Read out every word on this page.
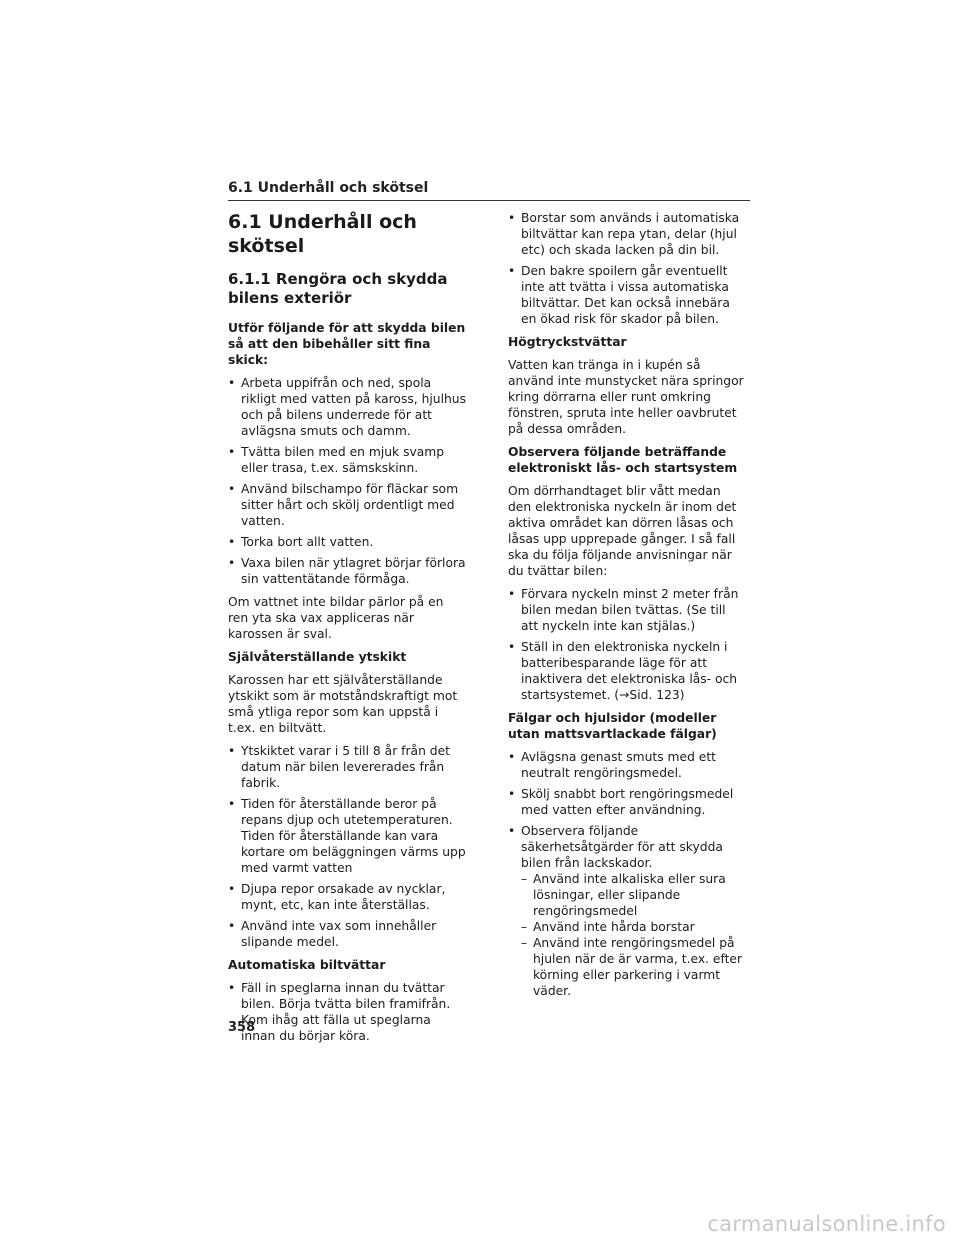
6.1 Underhåll och skötsel
6.1 Underhåll och skötsel
6.1.1 Rengöra och skydda bilens exteriör

Utför följande för att skydda bilen så att den bibehåller sitt fina skick:

• Arbeta uppifrån och ned, spola rikligt med vatten på kaross, hjulhus och på bilens underrede för att avlägsna smuts och damm.
• Tvätta bilen med en mjuk svamp eller trasa, t.ex. sämskskinn.
• Använd bilschampo för fläckar som sitter hårt och skölj ordentligt med vatten.
• Torka bort allt vatten.
• Vaxa bilen när ytlagret börjar förlora sin vattentätande förmåga.

Om vattnet inte bildar pärlor på en ren yta ska vax appliceras när karossen är sval.

Självåterställande ytskikt

Karossen har ett självåterställande ytskikt som är motståndskraftigt mot små ytliga repor som kan uppstå i t.ex. en biltvätt.

• Ytskiktet varar i 5 till 8 år från det datum när bilen levererades från fabrik.
• Tiden för återställande beror på repans djup och utetemperaturen. Tiden för återställande kan vara kortare om beläggningen värms upp med varmt vatten
• Djupa repor orsakade av nycklar, mynt, etc, kan inte återställas.
• Använd inte vax som innehåller slipande medel.

Automatiska biltvättar

• Fäll in speglarna innan du tvättar bilen. Börja tvätta bilen framifrån. Kom ihåg att fälla ut speglarna innan du börjar köra.
• Borstar som används i automatiska biltvättar kan repa ytan, delar (hjul etc) och skada lacken på din bil.
• Den bakre spoilern går eventuellt inte att tvätta i vissa automatiska biltvättar. Det kan också innebära en ökad risk för skador på bilen.

Högtryckstvättar

Vatten kan tränga in i kupén så använd inte munstycket nära springor kring dörrarna eller runt omkring fönstren, spruta inte heller oavbrutet på dessa områden.

Observera följande beträffande elektroniskt lås- och startsystem

Om dörrhandtaget blir vått medan den elektroniska nyckeln är inom det aktiva området kan dörren låsas och låsas upp upprepade gånger. I så fall ska du följa följande anvisningar när du tvättar bilen:

• Förvara nyckeln minst 2 meter från bilen medan bilen tvättas. (Se till att nyckeln inte kan stjälas.)
• Ställ in den elektroniska nyckeln i batteribesparande läge för att inaktivera det elektroniska lås- och startsystemet. (→Sid. 123)

Fälgar och hjulsidor (modeller utan mattsvartlackade fälgar)

• Avlägsna genast smuts med ett neutralt rengöringsmedel.
• Skölj snabbt bort rengöringsmedel med vatten efter användning.
• Observera följande säkerhetsåtgärder för att skydda bilen från lackskador.
– Använd inte alkaliska eller sura lösningar, eller slipande rengöringsmedel
– Använd inte hårda borstar
– Använd inte rengöringsmedel på hjulen när de är varma, t.ex. efter körning eller parkering i varmt väder.
358
carmanualsonline.info
